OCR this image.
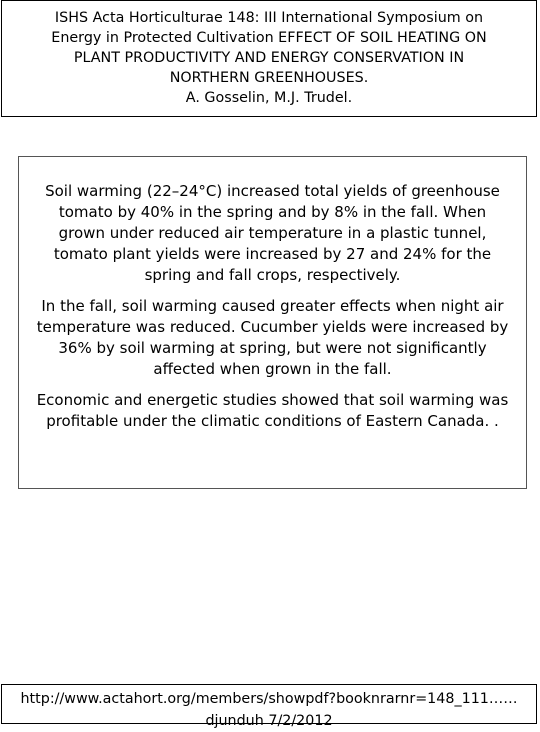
ISHS Acta Horticulturae 148: III International Symposium on
Energy in Protected Cultivation EFFECT OF SOIL HEATING ON
PLANT PRODUCTIVITY AND ENERGY CONSERVATION IN
NORTHERN GREENHOUSES.
A. Gosselin, M.J. Trudel.
Soil warming (22–24°C) increased total yields of greenhouse
tomato by 40% in the spring and by 8% in the fall. When
grown under reduced air temperature in a plastic tunnel,
tomato plant yields were increased by 27 and 24% for the
spring and fall crops, respectively.
In the fall, soil warming caused greater effects when night air
temperature was reduced. Cucumber yields were increased by
36% by soil warming at spring, but were not significantly
affected when grown in the fall.
Economic and energetic studies showed that soil warming was
profitable under the climatic conditions of Eastern Canada. .
http://www.actahort.org/members/showpdf?booknrarnr=148_111……
djunduh 7/2/2012
